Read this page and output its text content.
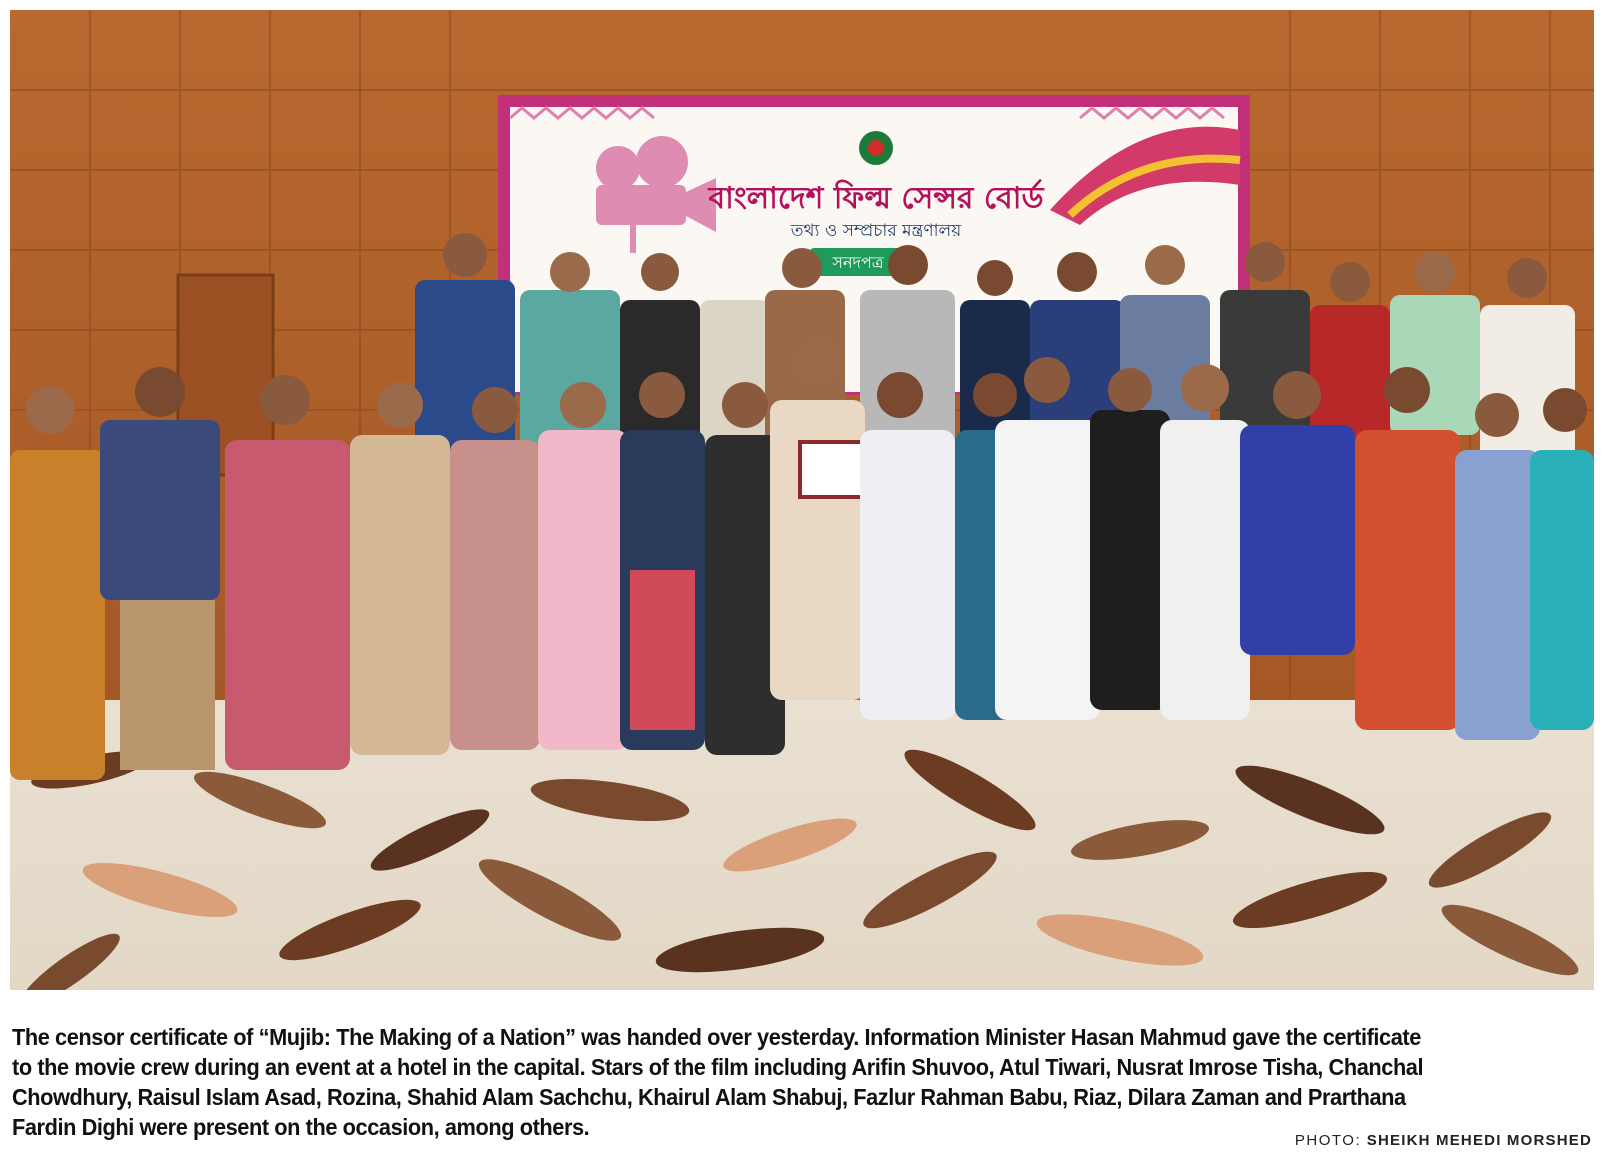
বাংলাদেশ ফিল্ম সেন্সর বোর্ড
তথ্য ও সম্প্রচার মন্ত্রণালয়
সনদপত্র
The censor certificate of “Mujib: The Making of a Nation” was handed over yesterday. Information Minister Hasan Mahmud gave the certificate
to the movie crew during an event at a hotel in the capital. Stars of the film including Arifin Shuvoo, Atul Tiwari, Nusrat Imrose Tisha, Chanchal
Chowdhury, Raisul Islam Asad, Rozina, Shahid Alam Sachchu, Khairul Alam Shabuj, Fazlur Rahman Babu, Riaz, Dilara Zaman and Prarthana
Fardin Dighi were present on the occasion, among others.
PHOTO: SHEIKH MEHEDI MORSHED
